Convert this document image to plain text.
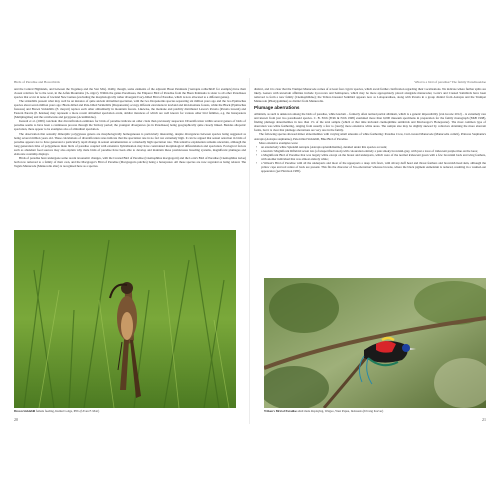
Birds of Paradise and Bowerbirds

and the Central Highlands, and between the Vogelkop and the Star Mts). Oddly, though, some elements of the adjacent Huon Peninsula ('Astrapia rothschildi' for example) have their closest relatives far to the west, in the Arfak Mountains ('A. nigra'). Within the genus Paradisaea, the Emperor Bird of Paradise from the Huon Peninsula is sister to all other Paradisaea species that occur in none of lowland New Guinea (excluding the morphologically rather divergent Ivory-billed Bird of Paradise, which is now allocated to a different genus).

The sicklebills present what may well be an instance of quite ancient altitudinal speciation, with the two Drepanornis species separating six million years ago and the two Epimachus species about seven million years ago: Black-billed and Pale-billed Sicklebills (Drepanornis) occupy different elevations in lowland and mid-montane forests, while the Black (Epimachus fastosus) and Brown Sicklebills (E. meyeri) replace each other altitudinally in mountain forests. Likewise, the montane and patchily distributed Lawes's Parotia (Parotia lawesii) and Eastern Parotia (P. helenae) may represent a more recent altitudinal speciation event, similar instances of which are well known for various other bird families, e.g. the honeyeaters (Meliphagidae) and the scrubwrens and gerygones (Acanthizidae).

Irestedt et al. (2009) conclude that diversification estimates for birds of paradise indicate an older clade than previously suspected. Diversification within several genera of birds of paradise seems to have been a continuous process through the Tertiary period; the youngest divergences (as in Paradisaea) being geographically quite closely linked. Besides allopatric speciation, there appear to be examples also of altitudinal speciation.

The observation that sexually dimorphic polygynous genera are morphologically homogeneous is particularly interesting, despite divergences between species being suggested as being several million years old. These calculations of diversification rates indicate that the speciation rate in no fact not extremely high. It can be argued that sexual selection in birds of paradise appears not to have generated a particularly rapid change in sexual ornamentation or a markedly high speciation rate. This tentative explanation remains uncertain, although the long generation time of polygamous male birds of paradise coupled with extensive hybridisation may have constrained morphological differentiation and speciation. Ecological factors such as abundant food sources may also explain why male birds of paradise have been able to develop and maintain these promiscuous breeding systems, magnificent plumages and elaborate courtship displays.

Birds of paradise have undergone some recent taxonomic changes, with the Crested Bird of Paradise (Cnemophilus macgregorii) and the Loria's Bird of Paradise (Cnemophilus loriae) both now removed to a family of their own, and the Macgregor's Bird of Paradise (Macgregoria pulchra) being a honeyeater. All these species are now regarded as being related. The Tagula Manucode (Manucodia alter) is recognised here as a species.

Brown Sicklebill female feeding, Kumul Lodge, PNG (Ulvan F. Mott)
20
What is a bird of paradise? The family Paradisaeidae

distinct, and it is clear that the Trumpet Manucode comes of at least four cryptic species, which await further clarification regarding their vocalisations. We indicate where further splits are likely. Genera with uncertain affinities include Lycocorax and Semioptera, which may be more appropriately placed alongside manucodes; Loria's and Crested Satinbirds have been removed to form a new family (Cnemophilidae); the Yellow-breasted Satinbird appears now as Loboparadisea, along with Parotia in a group distinct from Astrapia and the Trumpet Manucode (Phonygammus) as distinct from Manucodia.

Plumage aberrations

Albinism, as such is unknown among the birds of paradise, while leucism – formerly often termed partial albinism, which is a genetic impossibility (van Grouw 2012) – is extremely rare and known from just two paradisaeid species. C. B. Frith (Frith & Frith 1998) examined more than 6,000 museum specimens in preparation for the family monograph (F&B 1998), finding plumage abnormalities in less than 1% of the total sample (which at that time included cnemophiline satinbirds and MacGregor's Honeyeater). The most common type of aberration was white feathering, ranging from usually a few to (rarely) more extensive white areas. The sample size may be slightly skewed by collectors obtaining the more aberrant forms, but it is clear that plumage aberrations are very rare in the family.

The following species showed minor abnormalities with varying small amounts of white feathering: Paradise Crow, Curl-crested Manucode (Manucodia comrii), Princess Stephanie's Astrapia (Astrapia stephaniae), Pale-billed Sicklebill, Blue Bird of Paradise.

More extensive examples were:

• an extensively white Splendid Astrapia (Astrapia splendidissima), detailed under this species account;
• a leucistic Magnificent Riflebird seven lots (of unspecified taxon) with colouration entirely a pale smoky brownish-grey, with just a trace of iridescent purple-blue on the lores;
• a Magnificent Bird of Paradise that was largely white except on the breast and underparts, which were of the normal iridescent green with a few brownish back and wing feathers, with another individual that was almost entirely white;
• a Wilson's Bird of Paradise with all the underparts and most of the upperparts a deep rich fawn, with silvery-buff head and throat feathers and brownish head skin, although the yellow cape and red centre of back are present. This fits the character of 'ino-aberration' whereas browns, where the black pigment eumelanin is reduced, resulting in a washed-out appearance (per Harrison 1985).
Wilson's Bird of Paradise adult male displaying, Waigeo, West Papua, Indonesia (Ulvang Korver)
21
